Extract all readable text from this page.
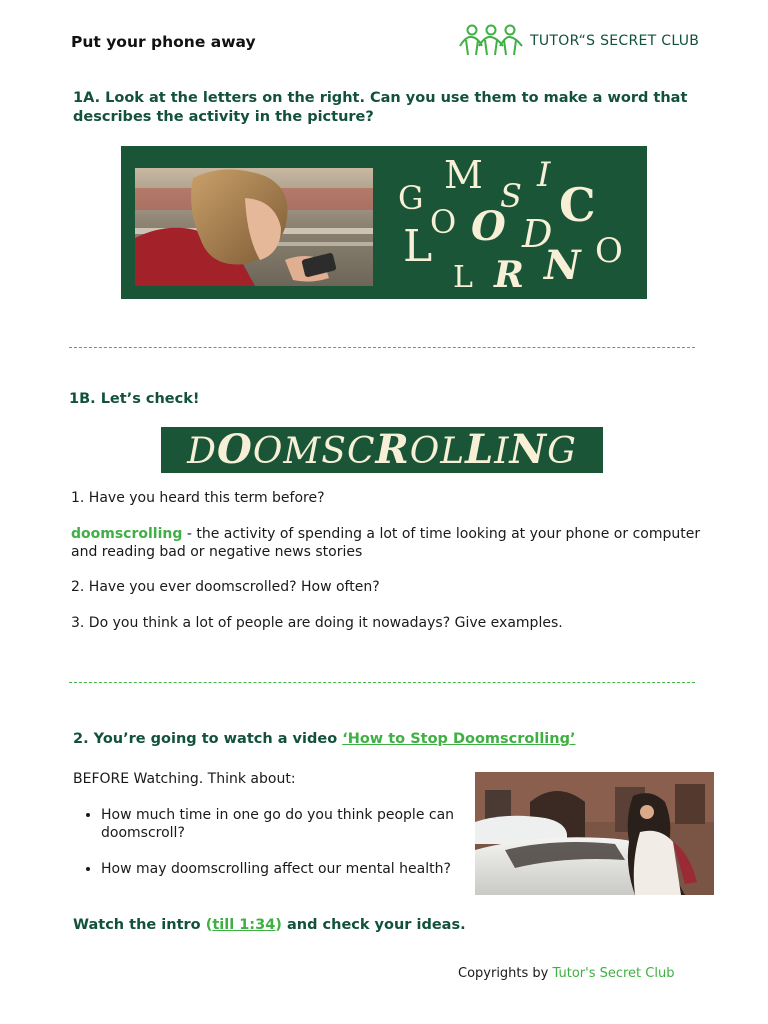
Put your phone away	TUTOR“S SECRET CLUB
1A. Look at the letters on the right. Can you use them to make a word that describes the activity in the picture?
G
M S
I
C
O O D
L	O
L R N
1B. Let’s check!
DOOMSCROLLING
1. Have you heard this term before?
doomscrolling - the activity of spending a lot of time looking at your phone or computer and reading bad or negative news stories
2. Have you ever doomscrolled? How often?
3. Do you think a lot of people are doing it nowadays? Give examples.
2. You’re going to watch a video ‘How to Stop Doomscrolling’
BEFORE Watching. Think about:
• How much time in one go do you think people can doomscroll?
• How may doomscrolling affect our mental health?
Watch the intro (till 1:34) and check your ideas.
Copyrights by Tutor's Secret Club
